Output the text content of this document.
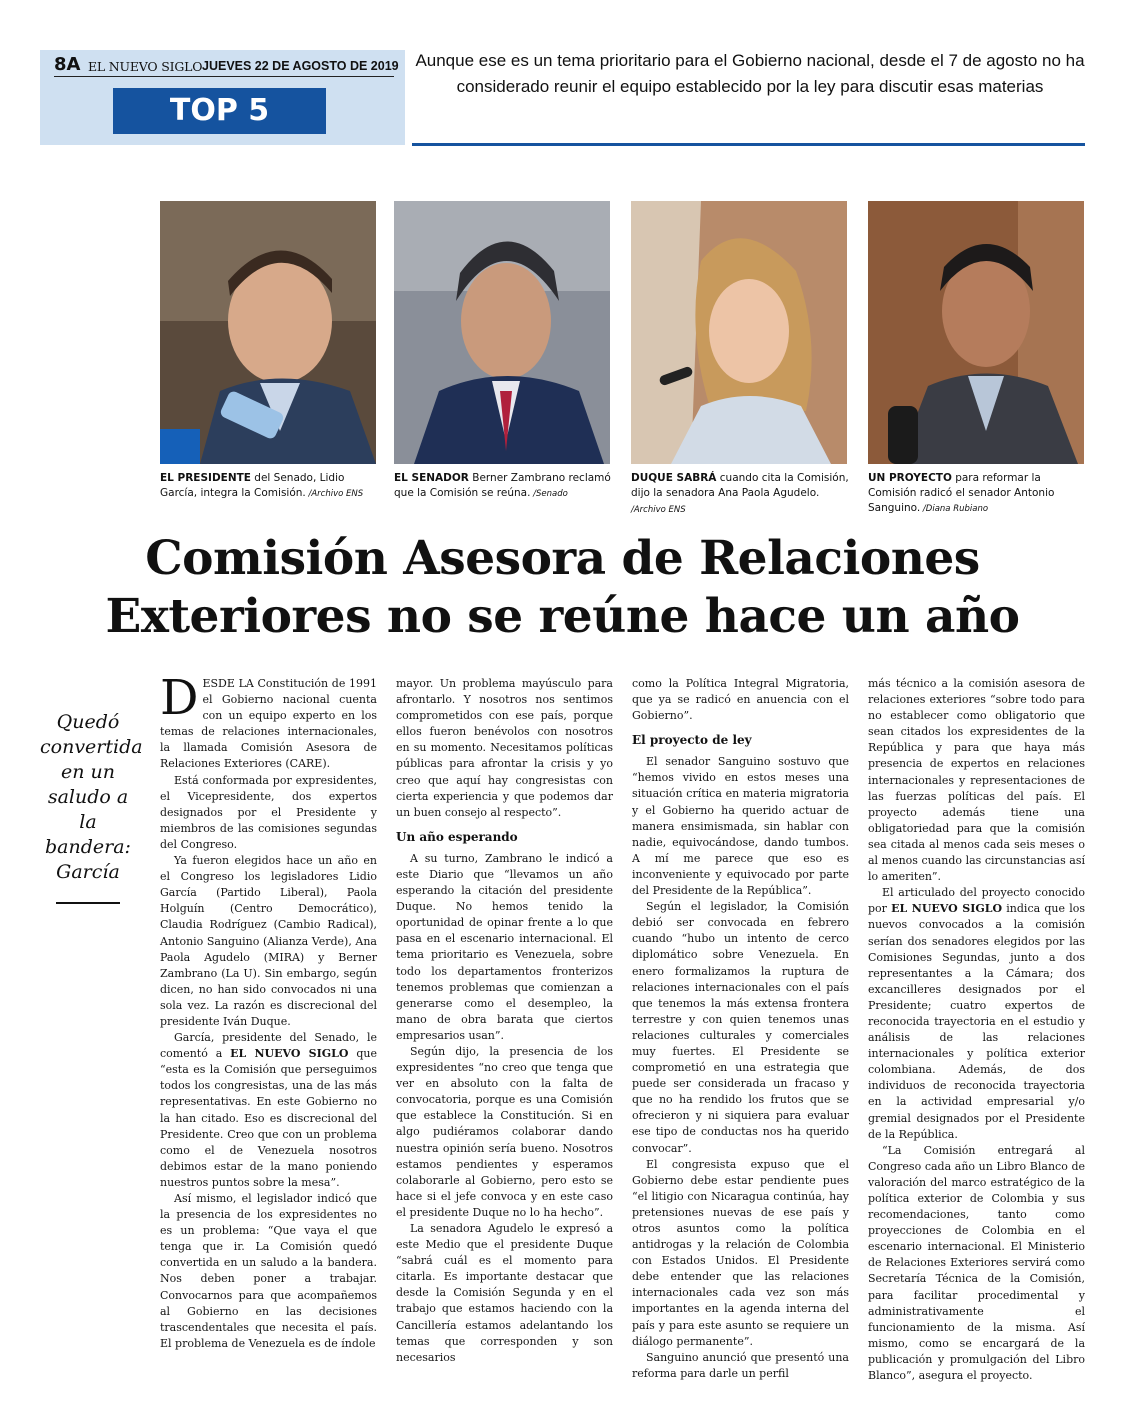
8A EL NUEVO SIGLO JUEVES 22 DE AGOSTO DE 2019
TOP 5
Aunque ese es un tema prioritario para el Gobierno nacional, desde el 7 de agosto no ha considerado reunir el equipo establecido por la ley para discutir esas materias
EL PRESIDENTE del Senado, Lidio García, integra la Comisión. /Archivo ENS
EL SENADOR Berner Zambrano reclamó que la Comisión se reúna. /Senado
DUQUE SABRÁ cuando cita la Comisión, dijo la senadora Ana Paola Agudelo. /Archivo ENS
UN PROYECTO para reformar la Comisión radicó el senador Antonio Sanguino. /Diana Rubiano
Comisión Asesora de Relaciones Exteriores no se reúne hace un año
Quedó convertida en un saludo a la bandera: García

DESDE LA Constitución de 1991 el Gobierno nacional cuenta con un equipo experto en los temas de relaciones internacionales, la llamada Comisión Asesora de Relaciones Exteriores (CARE).

Está conformada por expresidentes, el Vicepresidente, dos expertos designados por el Presidente y miembros de las comisiones segundas del Congreso.

Ya fueron elegidos hace un año en el Congreso los legisladores Lidio García (Partido Liberal), Paola Holguín (Centro Democrático), Claudia Rodríguez (Cambio Radical), Antonio Sanguino (Alianza Verde), Ana Paola Agudelo (MIRA) y Berner Zambrano (La U). Sin embargo, según dicen, no han sido convocados ni una sola vez. La razón es discrecional del presidente Iván Duque.

García, presidente del Senado, le comentó a EL NUEVO SIGLO que “esta es la Comisión que perseguimos todos los congresistas, una de las más representativas. En este Gobierno no la han citado. Eso es discrecional del Presidente. Creo que con un problema como el de Venezuela nosotros debimos estar de la mano poniendo nuestros puntos sobre la mesa”.

Así mismo, el legislador indicó que la presencia de los expresidentes no es un problema: “Que vaya el que tenga que ir. La Comisión quedó convertida en un saludo a la bandera. Nos deben poner a trabajar. Convocarnos para que acompañemos al Gobierno en las decisiones trascendentales que necesita el país. El problema de Venezuela es de índole

mayor. Un problema mayúsculo para afrontarlo. Y nosotros nos sentimos comprometidos con ese país, porque ellos fueron benévolos con nosotros en su momento. Necesitamos políticas públicas para afrontar la crisis y yo creo que aquí hay congresistas con cierta experiencia y que podemos dar un buen consejo al respecto”.

Un año esperando

A su turno, Zambrano le indicó a este Diario que “llevamos un año esperando la citación del presidente Duque. No hemos tenido la oportunidad de opinar frente a lo que pasa en el escenario internacional. El tema prioritario es Venezuela, sobre todo los departamentos fronterizos tenemos problemas que comienzan a generarse como el desempleo, la mano de obra barata que ciertos empresarios usan”.

Según dijo, la presencia de los expresidentes “no creo que tenga que ver en absoluto con la falta de convocatoria, porque es una Comisión que establece la Constitución. Si en algo pudiéramos colaborar dando nuestra opinión sería bueno. Nosotros estamos pendientes y esperamos colaborarle al Gobierno, pero esto se hace si el jefe convoca y en este caso el presidente Duque no lo ha hecho”.

La senadora Agudelo le expresó a este Medio que el presidente Duque “sabrá cuál es el momento para citarla. Es importante destacar que desde la Comisión Segunda y en el trabajo que estamos haciendo con la Cancillería estamos adelantando los temas que corresponden y son necesarios

como la Política Integral Migratoria, que ya se radicó en anuencia con el Gobierno”.

El proyecto de ley

El senador Sanguino sostuvo que “hemos vivido en estos meses una situación crítica en materia migratoria y el Gobierno ha querido actuar de manera ensimismada, sin hablar con nadie, equivocándose, dando tumbos. A mí me parece que eso es inconveniente y equivocado por parte del Presidente de la República”.

Según el legislador, la Comisión debió ser convocada en febrero cuando “hubo un intento de cerco diplomático sobre Venezuela. En enero formalizamos la ruptura de relaciones internacionales con el país que tenemos la más extensa frontera terrestre y con quien tenemos unas relaciones culturales y comerciales muy fuertes. El Presidente se comprometió en una estrategia que puede ser considerada un fracaso y que no ha rendido los frutos que se ofrecieron y ni siquiera para evaluar ese tipo de conductas nos ha querido convocar”.

El congresista expuso que el Gobierno debe estar pendiente pues “el litigio con Nicaragua continúa, hay pretensiones nuevas de ese país y otros asuntos como la política antidrogas y la relación de Colombia con Estados Unidos. El Presidente debe entender que las relaciones internacionales cada vez son más importantes en la agenda interna del país y para este asunto se requiere un diálogo permanente”.

Sanguino anunció que presentó una reforma para darle un perfil

más técnico a la comisión asesora de relaciones exteriores “sobre todo para no establecer como obligatorio que sean citados los expresidentes de la República y para que haya más presencia de expertos en relaciones internacionales y representaciones de las fuerzas políticas del país. El proyecto además tiene una obligatoriedad para que la comisión sea citada al menos cada seis meses o al menos cuando las circunstancias así lo ameriten”.

El articulado del proyecto conocido por EL NUEVO SIGLO indica que los nuevos convocados a la comisión serían dos senadores elegidos por las Comisiones Segundas, junto a dos representantes a la Cámara; dos excancilleres designados por el Presidente; cuatro expertos de reconocida trayectoria en el estudio y análisis de las relaciones internacionales y política exterior colombiana. Además, de dos individuos de reconocida trayectoria en la actividad empresarial y/o gremial designados por el Presidente de la República.

“La Comisión entregará al Congreso cada año un Libro Blanco de valoración del marco estratégico de la política exterior de Colombia y sus recomendaciones, tanto como proyecciones de Colombia en el escenario internacional. El Ministerio de Relaciones Exteriores servirá como Secretaría Técnica de la Comisión, para facilitar procedimental y administrativamente el funcionamiento de la misma. Así mismo, como se encargará de la publicación y promulgación del Libro Blanco”, asegura el proyecto.
